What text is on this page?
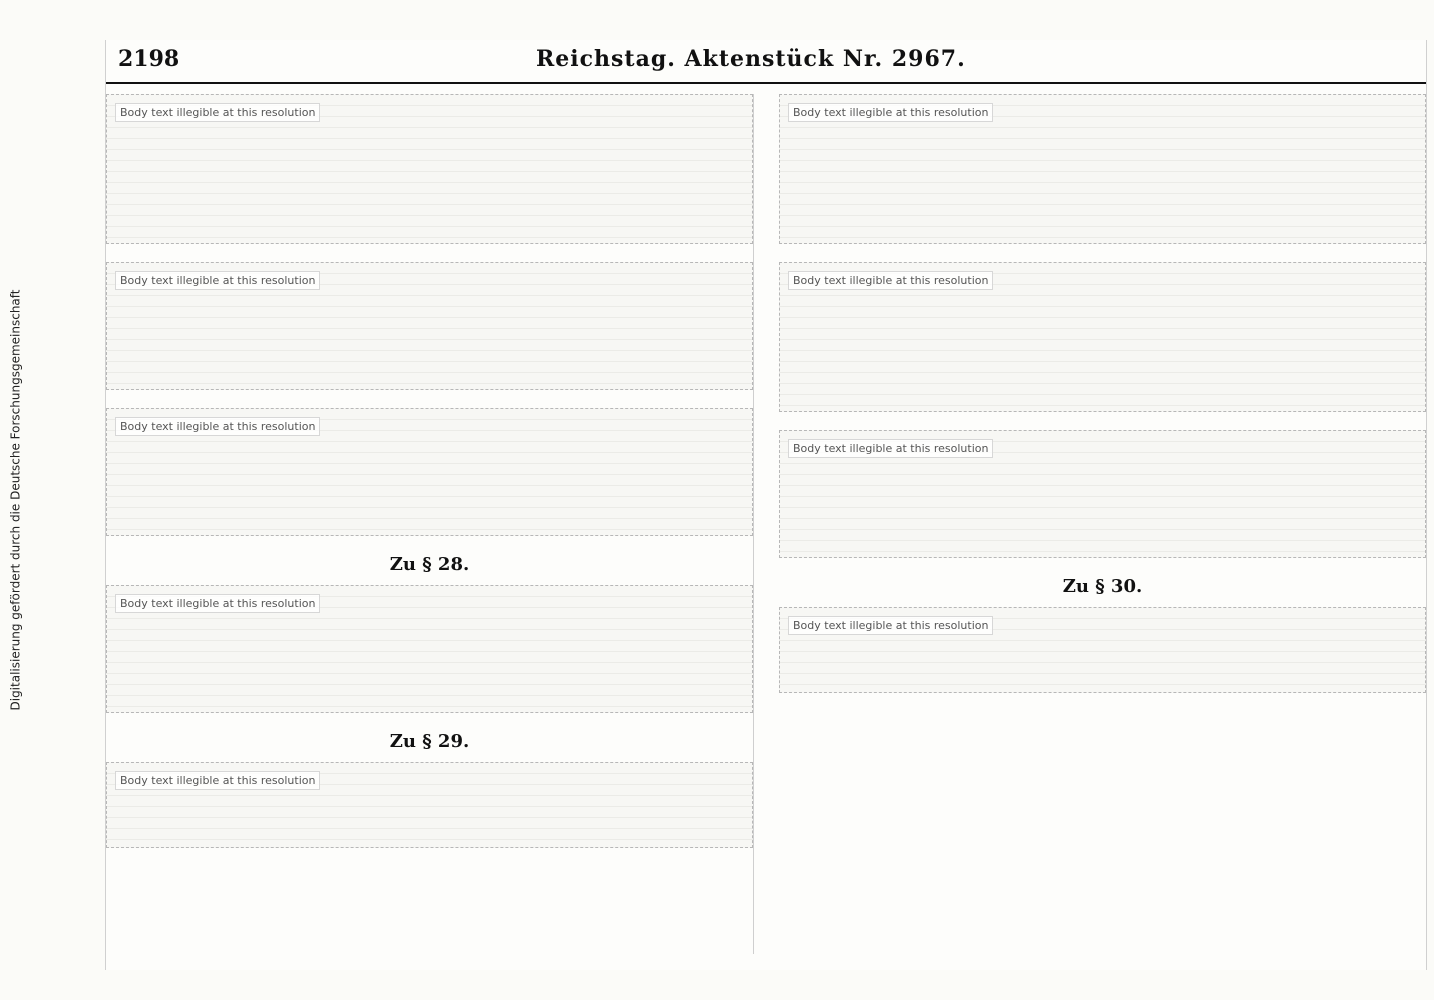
Digitalisierung gefördert durch die Deutsche Forschungsgemeinschaft
2198	Reichstag. Aktenstück Nr. 2967.
Body text illegible at this resolution
Body text illegible at this resolution
Body text illegible at this resolution
Zu § 28.
Body text illegible at this resolution
Zu § 29.
Body text illegible at this resolution
Body text illegible at this resolution
Body text illegible at this resolution
Body text illegible at this resolution
Zu § 30.
Body text illegible at this resolution
